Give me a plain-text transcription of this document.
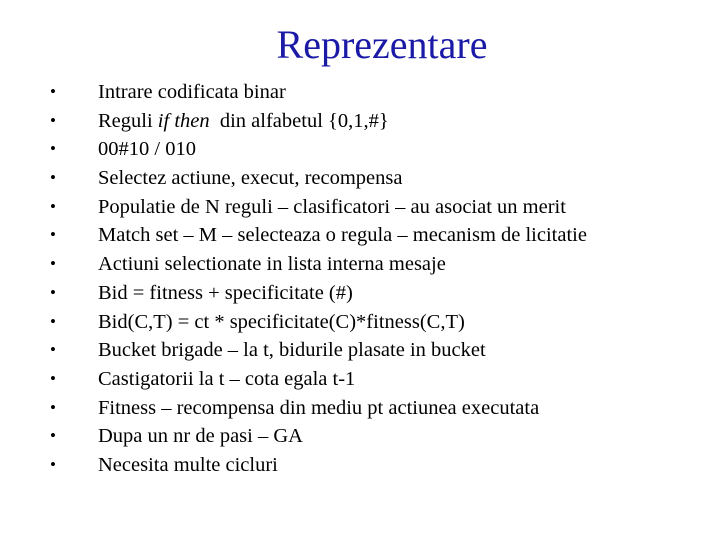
Reprezentare
• Intrare codificata binar
• Reguli if then  din alfabetul {0,1,#}
• 00#10 / 010
• Selectez actiune, execut, recompensa
• Populatie de N reguli – clasificatori – au asociat un merit
• Match set – M – selecteaza o regula – mecanism de licitatie
• Actiuni selectionate in lista interna mesaje
• Bid = fitness + specificitate (#)
• Bid(C,T) = ct * specificitate(C)*fitness(C,T)
• Bucket brigade – la t, bidurile plasate in bucket
• Castigatorii la t – cota egala t-1
• Fitness – recompensa din mediu pt actiunea executata
• Dupa un nr de pasi – GA
• Necesita multe cicluri
